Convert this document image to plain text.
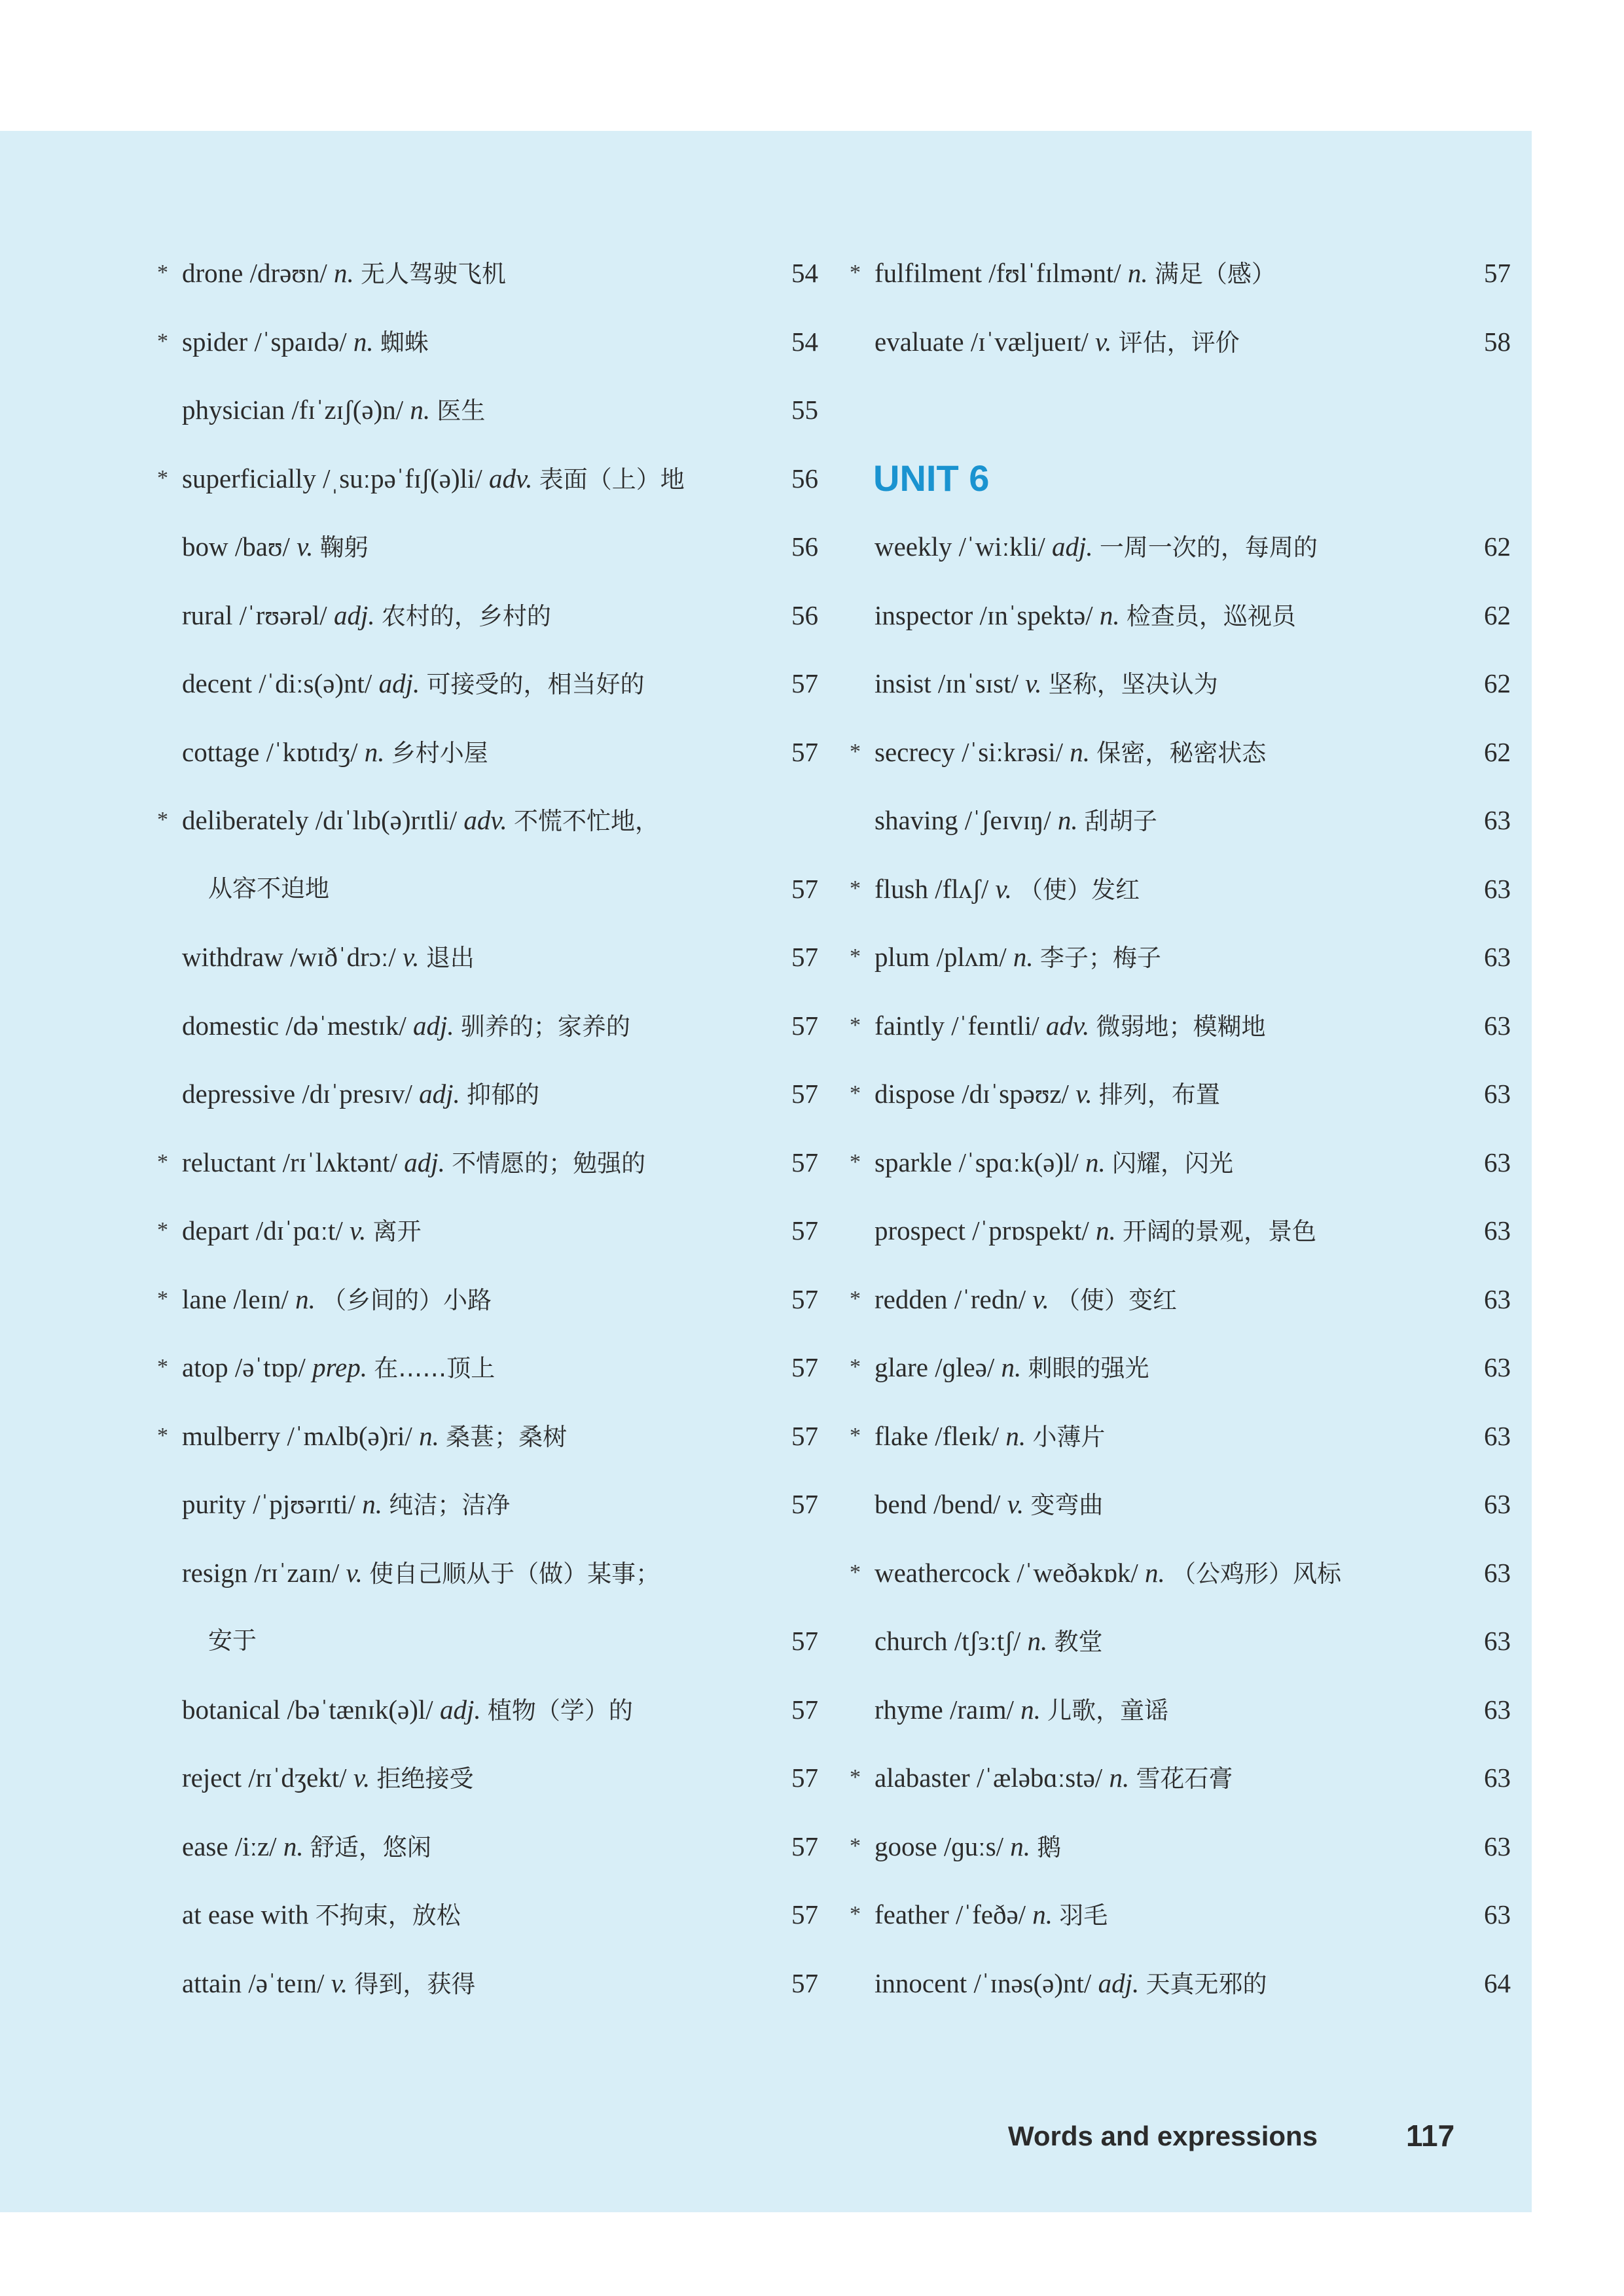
* drone /drəʊn/ n. 无人驾驶飞机	54
* spider /ˈspaɪdə/ n. 蜘蛛	54
physician /fɪˈzɪʃ(ə)n/ n. 医生	55
* superficially /ˌsuːpəˈfɪʃ(ə)li/ adv. 表面（上）地	56
bow /baʊ/ v. 鞠躬	56
rural /ˈrʊərəl/ adj. 农村的，乡村的	56
decent /ˈdiːs(ə)nt/ adj. 可接受的，相当好的	57
cottage /ˈkɒtɪdʒ/ n. 乡村小屋	57
* deliberately /dɪˈlɪb(ə)rɪtli/ adv. 不慌不忙地，
从容不迫地	57
withdraw /wɪðˈdrɔː/ v. 退出	57
domestic /dəˈmestɪk/ adj. 驯养的；家养的	57
depressive /dɪˈpresɪv/ adj. 抑郁的	57
* reluctant /rɪˈlʌktənt/ adj. 不情愿的；勉强的	57
* depart /dɪˈpɑːt/ v. 离开	57
* lane /leɪn/ n. （乡间的）小路	57
* atop /əˈtɒp/ prep. 在……顶上	57
* mulberry /ˈmʌlb(ə)ri/ n. 桑葚；桑树	57
purity /ˈpjʊərɪti/ n. 纯洁；洁净	57
resign /rɪˈzaɪn/ v. 使自己顺从于（做）某事；
安于	57
botanical /bəˈtænɪk(ə)l/ adj. 植物（学）的	57
reject /rɪˈdʒekt/ v. 拒绝接受	57
ease /iːz/ n. 舒适，悠闲	57
at ease with 不拘束，放松	57
attain /əˈteɪn/ v. 得到，获得	57
* fulfilment /fʊlˈfɪlmənt/ n. 满足（感）	57
evaluate /ɪˈvæljueɪt/ v. 评估，评价	58
UNIT 6
weekly /ˈwiːkli/ adj. 一周一次的，每周的	62
inspector /ɪnˈspektə/ n. 检查员，巡视员	62
insist /ɪnˈsɪst/ v. 坚称，坚决认为	62
* secrecy /ˈsiːkrəsi/ n. 保密，秘密状态	62
shaving /ˈʃeɪvɪŋ/ n. 刮胡子	63
* flush /flʌʃ/ v. （使）发红	63
* plum /plʌm/ n. 李子；梅子	63
* faintly /ˈfeɪntli/ adv. 微弱地；模糊地	63
* dispose /dɪˈspəʊz/ v. 排列，布置	63
* sparkle /ˈspɑːk(ə)l/ n. 闪耀，闪光	63
prospect /ˈprɒspekt/ n. 开阔的景观，景色	63
* redden /ˈredn/ v. （使）变红	63
* glare /ɡleə/ n. 刺眼的强光	63
* flake /fleɪk/ n. 小薄片	63
bend /bend/ v. 变弯曲	63
* weathercock /ˈweðəkɒk/ n. （公鸡形）风标	63
church /tʃɜːtʃ/ n. 教堂	63
rhyme /raɪm/ n. 儿歌，童谣	63
* alabaster /ˈæləbɑːstə/ n. 雪花石膏	63
* goose /ɡuːs/ n. 鹅	63
* feather /ˈfeðə/ n. 羽毛	63
innocent /ˈɪnəs(ə)nt/ adj. 天真无邪的	64
Words and expressions	117
